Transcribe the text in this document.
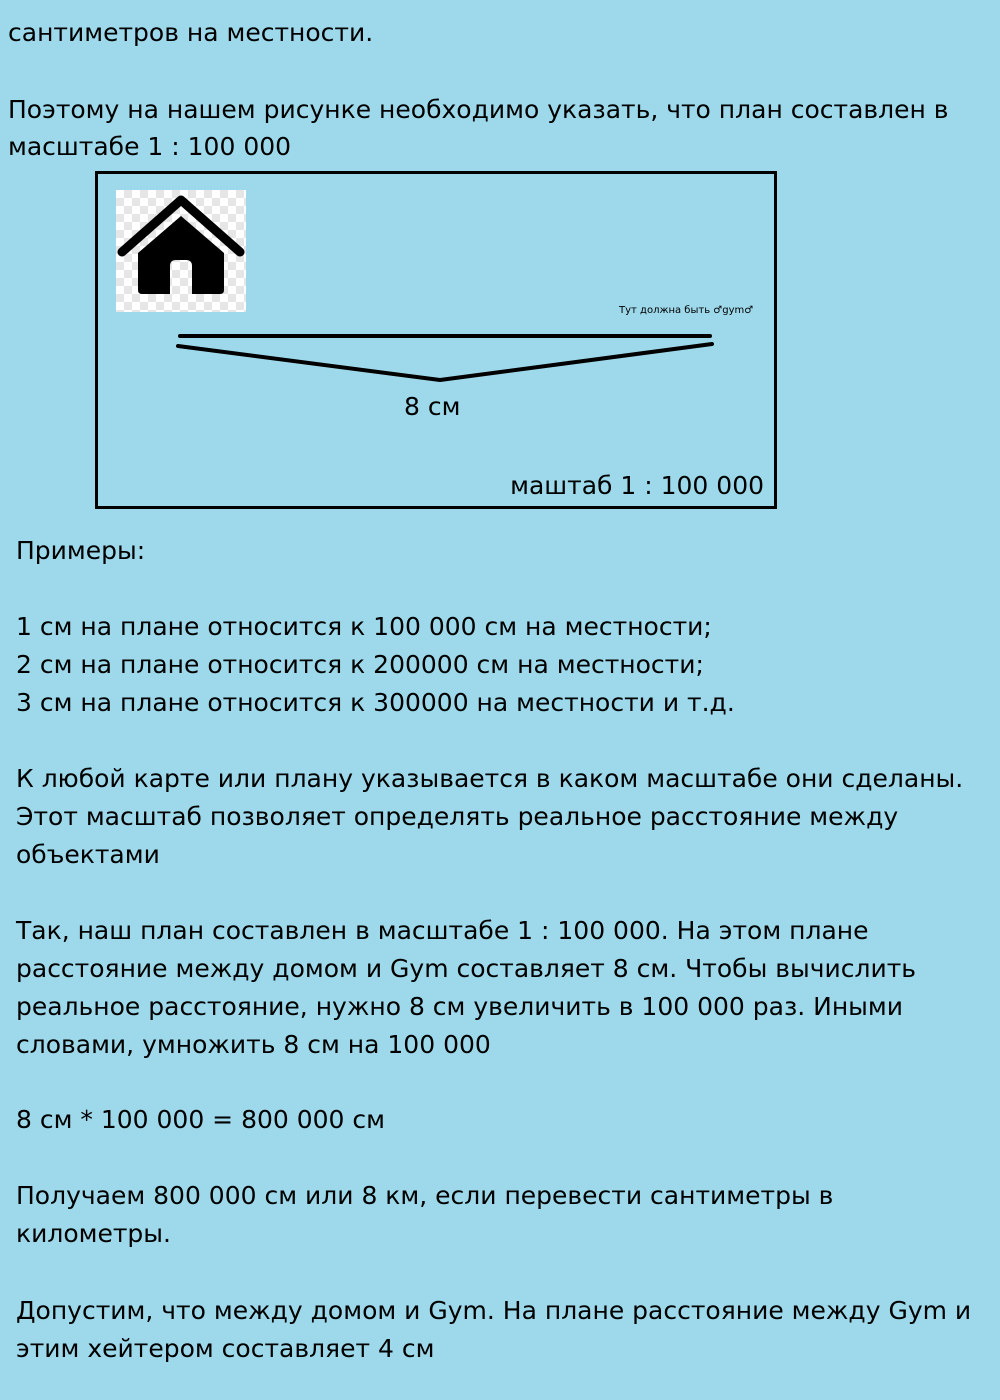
сантиметров на местности.
Поэтому на нашем рисунке необходимо указать, что план составлен в
масштабе 1 : 100 000
Тут должна быть ♂gym♂
8 см
маштаб 1 : 100 000
Примеры:
1 см на плане относится к 100 000 см на местности;
2 см на плане относится к 200000 см на местности;
3 см на плане относится к 300000 на местности и т.д.
К любой карте или плану указывается в каком масштабе они сделаны.
Этот масштаб позволяет определять реальное расстояние между
объектами
Так, наш план составлен в масштабе 1 : 100 000. На этом плане
расстояние между домом и Gym составляет 8 см. Чтобы вычислить
реальное расстояние, нужно 8 см увеличить в 100 000 раз. Иными
словами, умножить 8 см на 100 000
8 см * 100 000 = 800 000 см
Получаем 800 000 см или 8 км, если перевести сантиметры в
километры.
Допустим, что между домом и Gym. На плане расстояние между Gym и
этим хейтером составляет 4 см
